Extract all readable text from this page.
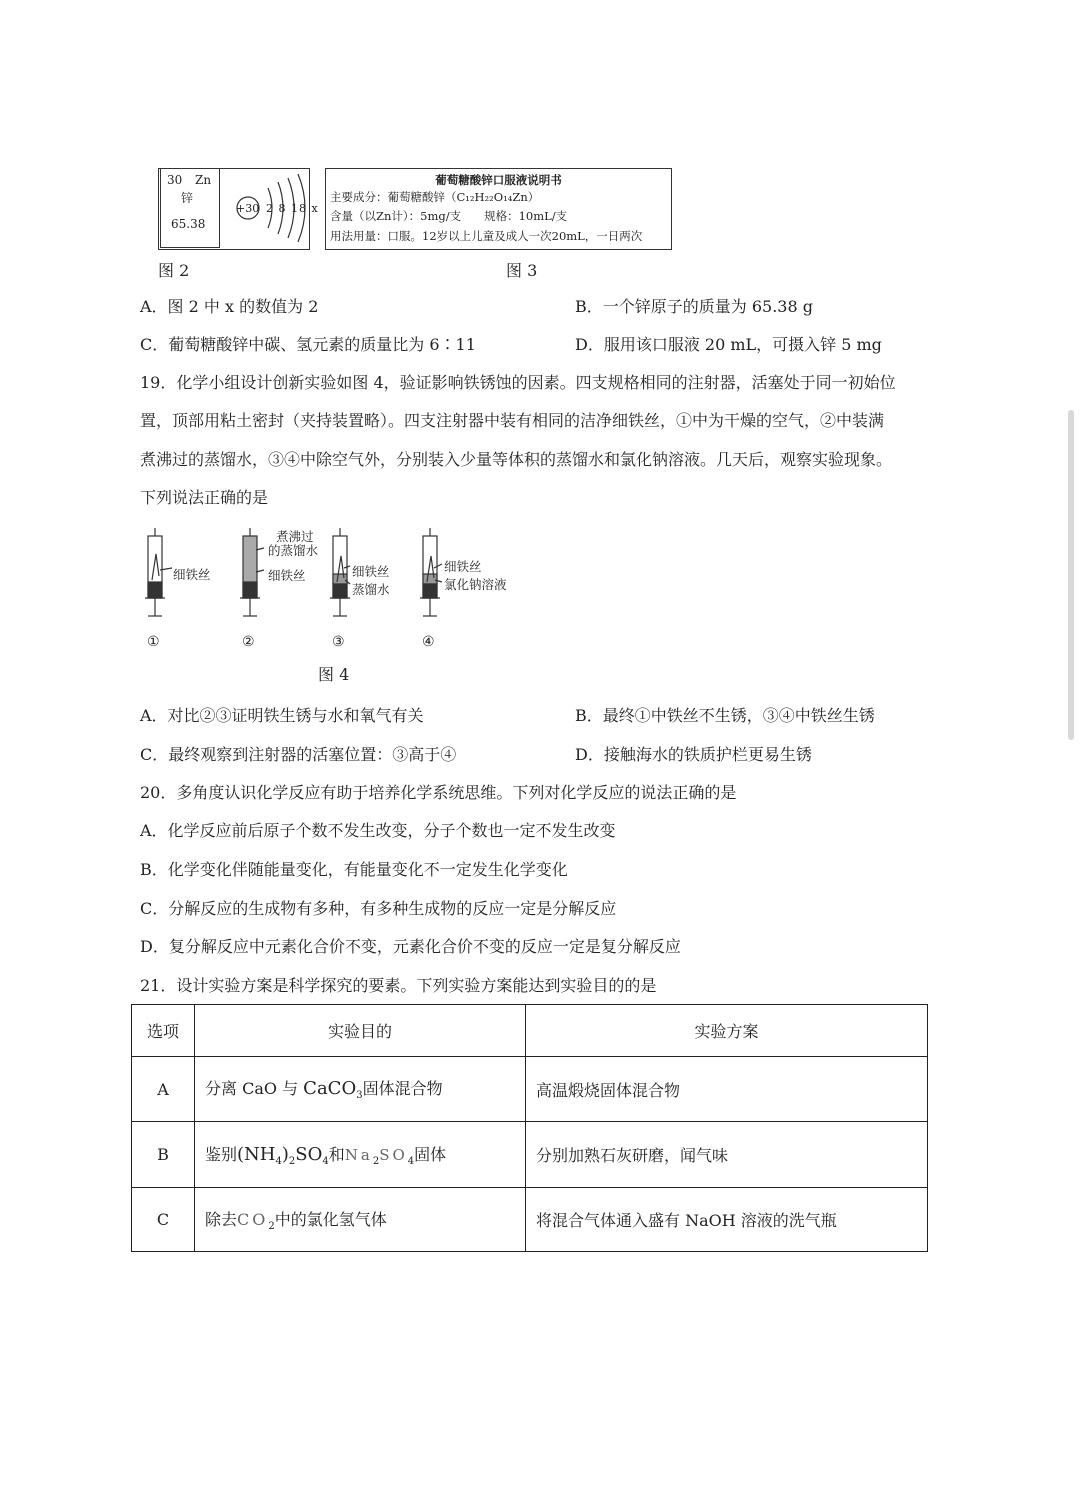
30 Zn
锌
65.38
+30 2 8 18 x
葡萄糖酸锌口服液说明书
主要成分：葡萄糖酸锌（C₁₂H₂₂O₁₄Zn）
含量（以Zn计）：5mg/支　　规格：10mL/支
用法用量：口服。12岁以上儿童及成人一次20mL，一日两次
图 2	图 3
A．图 2 中 x 的数值为 2	B．一个锌原子的质量为 65.38 g
C．葡萄糖酸锌中碳、氢元素的质量比为 6∶11	D．服用该口服液 20 mL，可摄入锌 5 mg
19．化学小组设计创新实验如图 4，验证影响铁锈蚀的因素。四支规格相同的注射器，活塞处于同一初始位
置，顶部用粘土密封（夹持装置略）。四支注射器中装有相同的洁净细铁丝，①中为干燥的空气，②中装满
煮沸过的蒸馏水，③④中除空气外，分别装入少量等体积的蒸馏水和氯化钠溶液。几天后，观察实验现象。
下列说法正确的是
细铁丝
煮沸过
的蒸馏水
细铁丝	细铁丝
蒸馏水
细铁丝
氯化钠溶液
①	②	③	④
图 4
A．对比②③证明铁生锈与水和氧气有关	B．最终①中铁丝不生锈，③④中铁丝生锈
C．最终观察到注射器的活塞位置：③高于④	D．接触海水的铁质护栏更易生锈
20．多角度认识化学反应有助于培养化学系统思维。下列对化学反应的说法正确的是
A．化学反应前后原子个数不发生改变，分子个数也一定不发生改变
B．化学变化伴随能量变化，有能量变化不一定发生化学变化
C．分解反应的生成物有多种，有多种生成物的反应一定是分解反应
D．复分解反应中元素化合价不变，元素化合价不变的反应一定是复分解反应
21．设计实验方案是科学探究的要素。下列实验方案能达到实验目的的是
选项	实验目的	实验方案
A	分离 CaO 与 CaCO$_3$固体混合物	高温煅烧固体混合物
B	鉴别$(NH_4)_2SO_4$和$Na_2SO_4$固体	分别加熟石灰研磨，闻气味
C	除去$CO_2$中的氯化氢气体	将混合气体通入盛有 NaOH 溶液的洗气瓶
